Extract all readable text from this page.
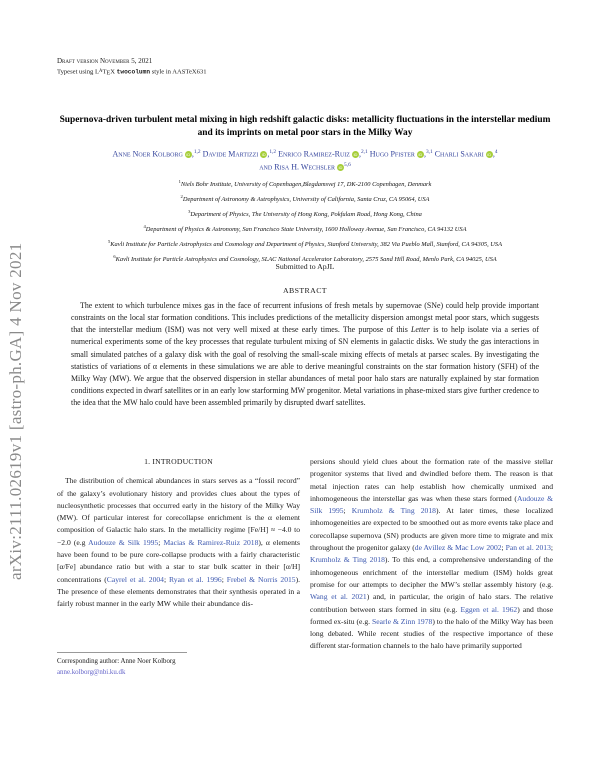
arXiv:2111.02619v1 [astro-ph.GA] 4 Nov 2021
Draft version November 5, 2021
Typeset using $L^ATEX$ twocolumn style in AASTeX631
Supernova-driven turbulent metal mixing in high redshift galactic disks: metallicity fluctuations in the interstellar medium and its imprints on metal poor stars in the Milky Way
Anne Noer Kolborg iD ,$^{1,2}$ Davide Martizzi iD ,$^{1,2}$ Enrico Ramirez-Ruiz iD ,$^{2,1}$ Hugo Pfister iD ,$^{3,1}$ Charli Sakari iD ,$^4$
and Risa H. Wechsler iD $^{5,6}$
$^1$Niels Bohr Institute, University of Copenhagen,Blegdamsvej 17, DK-2100 Copenhagen, Denmark
$^2$Department of Astronomy & Astrophysics, University of California, Santa Cruz, CA 95064, USA
$^3$Department of Physics, The University of Hong Kong, Pokfulam Road, Hong Kong, China
$^4$Department of Physics & Astronomy, San Francisco State University, 1600 Holloway Avenue, San Francisco, CA 94132 USA
$^5$Kavli Institute for Particle Astrophysics and Cosmology and Department of Physics, Stanford University, 382 Via Pueblo Mall, Stanford, CA 94305, USA
$^6$Kavli Institute for Particle Astrophysics and Cosmology, SLAC National Accelerator Laboratory, 2575 Sand Hill Road, Menlo Park, CA 94025, USA
Submitted to ApJL
ABSTRACT
The extent to which turbulence mixes gas in the face of recurrent infusions of fresh metals by supernovae (SNe) could help provide important constraints on the local star formation conditions. This includes predictions of the metallicity dispersion amongst metal poor stars, which suggests that the interstellar medium (ISM) was not very well mixed at these early times. The purpose of this Letter is to help isolate via a series of numerical experiments some of the key processes that regulate turbulent mixing of SN elements in galactic disks. We study the gas interactions in small simulated patches of a galaxy disk with the goal of resolving the small-scale mixing effects of metals at parsec scales. By investigating the statistics of variations of α elements in these simulations we are able to derive meaningful constraints on the star formation history (SFH) of the Milky Way (MW). We argue that the observed dispersion in stellar abundances of metal poor halo stars are naturally explained by star formation conditions expected in dwarf satellites or in an early low starforming MW progenitor. Metal variations in phase-mixed stars give further credence to the idea that the MW halo could have been assembled primarily by disrupted dwarf satellites.
1. INTRODUCTION
The distribution of chemical abundances in stars serves as a “fossil record” of the galaxy’s evolutionary history and provides clues about the types of nucleosynthetic processes that occurred early in the history of the Milky Way (MW). Of particular interest for corecollapse enrichment is the α element composition of Galactic halo stars. In the metallicity regime [Fe/H] ≈ −4.0 to −2.0 (e.g Audouze & Silk 1995; Macias & Ramirez-Ruiz 2018), α elements have been found to be pure core-collapse products with a fairly characteristic [α/Fe] abundance ratio but with a star to star bulk scatter in their [α/H] concentrations (Cayrel et al. 2004; Ryan et al. 1996; Frebel & Norris 2015). The presence of these elements demonstrates that their synthesis operated in a fairly robust manner in the early MW while their abundance dis-
persions should yield clues about the formation rate of the massive stellar progenitor systems that lived and dwindled before them. The reason is that metal injection rates can help establish how chemically unmixed and inhomogeneous the interstellar gas was when these stars formed (Audouze & Silk 1995; Krumholz & Ting 2018). At later times, these localized inhomogeneities are expected to be smoothed out as more events take place and corecollapse supernova (SN) products are given more time to migrate and mix throughout the progenitor galaxy (de Avillez & Mac Low 2002; Pan et al. 2013; Krumholz & Ting 2018). To this end, a comprehensive understanding of the inhomogeneous enrichment of the interstellar medium (ISM) holds great promise for our attempts to decipher the MW’s stellar assembly history (e.g. Wang et al. 2021) and, in particular, the origin of halo stars. The relative contribution between stars formed in situ (e.g. Eggen et al. 1962) and those formed ex-situ (e.g. Searle & Zinn 1978) to the halo of the Milky Way has been long debated. While recent studies of the respective importance of these different star-formation channels to the halo have primarily supported
Corresponding author: Anne Noer Kolborg
anne.kolborg@nbi.ku.dk
